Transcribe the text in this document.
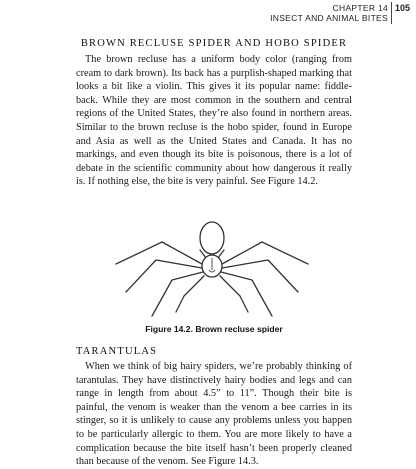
CHAPTER 14
INSECT AND ANIMAL BITES
105
BROWN RECLUSE SPIDER AND HOBO SPIDER
The brown recluse has a uniform body color (ranging from cream to dark brown). Its back has a purplish-shaped marking that looks a bit like a violin. This gives it its popular name: fiddle-back. While they are most common in the southern and central regions of the United States, they’re also found in northern areas. Similar to the brown recluse is the hobo spider, found in Europe and Asia as well as the United States and Canada. It has no markings, and even though its bite is poisonous, there is a lot of debate in the scientific community about how dangerous it really is. If nothing else, the bite is very painful. See Figure 14.2.
Figure 14.2. Brown recluse spider
TARANTULAS
When we think of big hairy spiders, we’re probably thinking of tarantulas. They have distinctively hairy bodies and legs and can range in length from about 4.5” to 11”. Though their bite is painful, the venom is weaker than the venom a bee carries in its stinger, so it is unlikely to cause any problems unless you happen to be particularly allergic to them. You are more likely to have a complication because the bite itself hasn’t been properly cleaned than because of the venom. See Figure 14.3.
